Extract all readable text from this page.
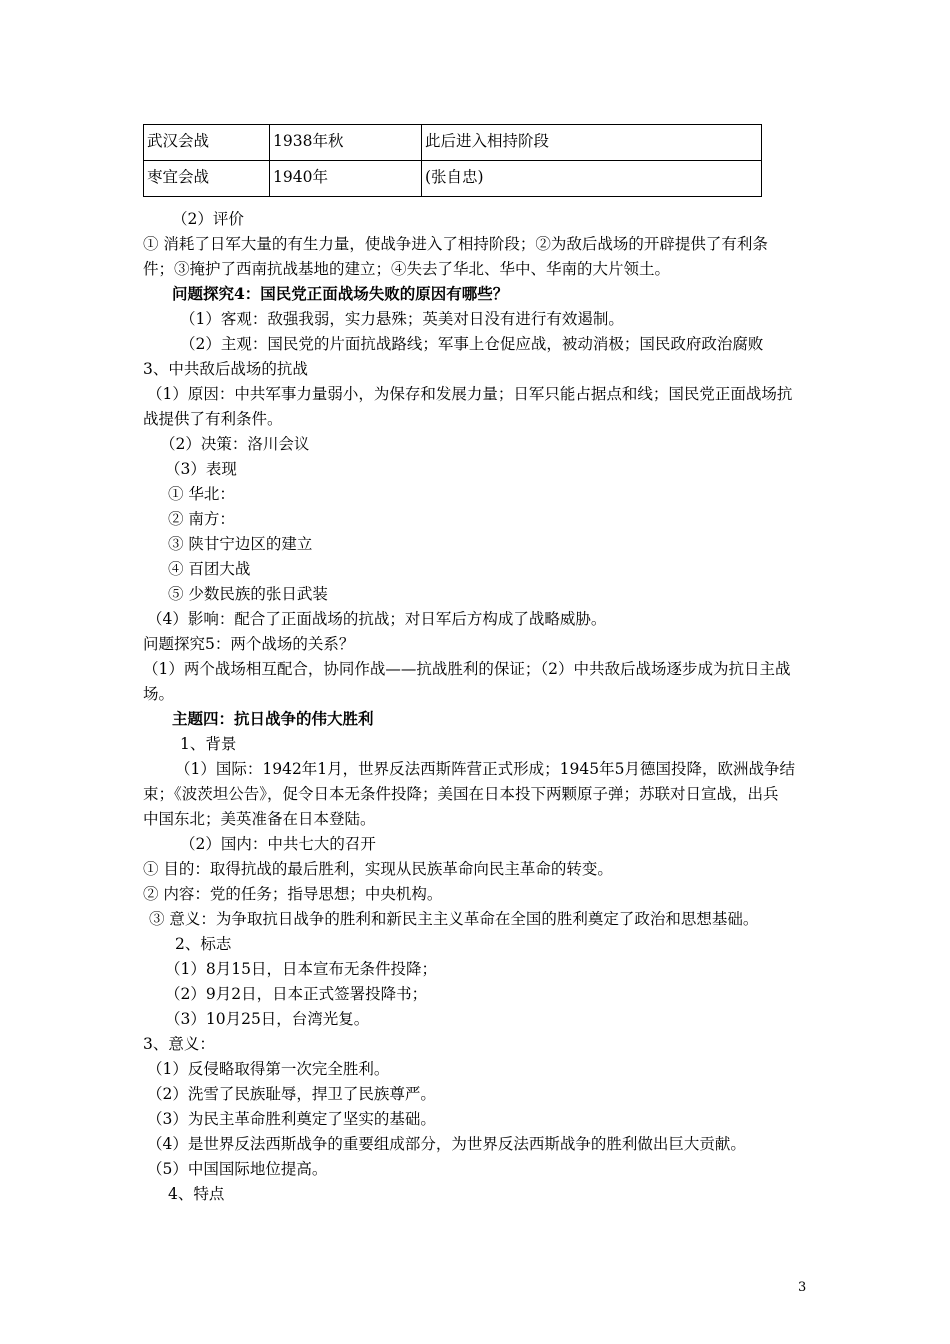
武汉会战	1938年秋	此后进入相持阶段
枣宜会战	1940年	(张自忠)
（2）评价
① 消耗了日军大量的有生力量，使战争进入了相持阶段；②为敌后战场的开辟提供了有利条
件；③掩护了西南抗战基地的建立；④失去了华北、华中、华南的大片领土。
问题探究4：国民党正面战场失败的原因有哪些？
（1）客观：敌强我弱，实力悬殊；英美对日没有进行有效遏制。
（2）主观：国民党的片面抗战路线；军事上仓促应战，被动消极；国民政府政治腐败
3、中共敌后战场的抗战
（1）原因：中共军事力量弱小，为保存和发展力量；日军只能占据点和线；国民党正面战场抗
战提供了有利条件。
（2）决策：洛川会议
（3）表现
① 华北：
② 南方：
③ 陕甘宁边区的建立
④ 百团大战
⑤ 少数民族的张日武装
（4）影响：配合了正面战场的抗战；对日军后方构成了战略威胁。
问题探究5：两个战场的关系？
（1）两个战场相互配合，协同作战——抗战胜利的保证；（2）中共敌后战场逐步成为抗日主战
场。
主题四：抗日战争的伟大胜利
1、背景
（1）国际：1942年1月，世界反法西斯阵营正式形成；1945年5月德国投降，欧洲战争结
束；《波茨坦公告》，促令日本无条件投降；美国在日本投下两颗原子弹；苏联对日宣战，出兵
中国东北；美英准备在日本登陆。
（2）国内：中共七大的召开
① 目的：取得抗战的最后胜利，实现从民族革命向民主革命的转变。
② 内容：党的任务；指导思想；中央机构。
③ 意义：为争取抗日战争的胜利和新民主主义革命在全国的胜利奠定了政治和思想基础。
2、标志
（1）8月15日，日本宣布无条件投降；
（2）9月2日，日本正式签署投降书；
（3）10月25日，台湾光复。
3、意义：
（1）反侵略取得第一次完全胜利。
（2）洗雪了民族耻辱，捍卫了民族尊严。
（3）为民主革命胜利奠定了坚实的基础。
（4）是世界反法西斯战争的重要组成部分，为世界反法西斯战争的胜利做出巨大贡献。
（5）中国国际地位提高。
4、特点
3
